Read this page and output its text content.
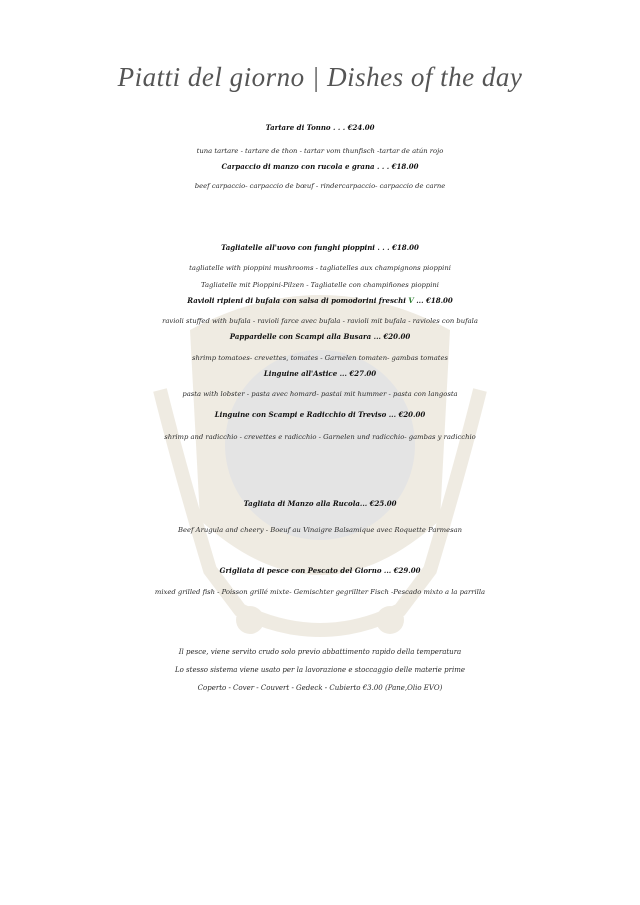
Piatti del giorno | Dishes of the day
Tartare di Tonno . . . €24.00
tuna tartare - tartare de thon - tartar vom thunfisch -tartar de atún rojo
Carpaccio di manzo con rucola e grana . . . €18.00
beef carpaccio- carpaccio de bœuf - rindercarpaccio- carpaccio de carne
Tagliatelle all'uovo con funghi pioppini . . . €18.00
tagliatelle with pioppini mushrooms - tagliatelles aux champignons pioppini
Tagliatelle mit Pioppini-Pilzen - Tagliatelle con champiñones pioppini
Ravioli ripieni di bufala con salsa di pomodorini freschi V ... €18.00
ravioli stuffed with bufala - ravioli farce avec bufala - ravioli mit bufala - ravioles con bufala
Pappardelle con Scampi alla Busara ... €20.00
shrimp tomatoes- crevettes, tomates - Garnelen tomaten- gambas tomates
Linguine all'Astice ... €27.00
pasta with lobster - pasta avec homard- pastai mit hummer - pasta con langosta
Linguine con Scampi e Radicchio di Treviso ... €20.00
shrimp and radicchio - crevettes e radicchio - Garnelen und radicchio- gambas y radicchio
Tagliata di Manzo alla Rucola... €25.00
Beef Arugula and cheery - Boeuf au Vinaigre Balsamique avec Roquette Parmesan
Grigliata di pesce con Pescato del Giorno ... €29.00
mixed grilled fish - Poisson grillé mixte- Gemischter gegrillter Fisch -Pescado mixto a la parrilla
Il pesce, viene servito crudo solo previo abbattimento rapido della temperatura
Lo stesso sistema viene usato per la lavorazione e stoccaggio delle materie prime
Coperto - Cover - Couvert - Gedeck - Cubierto €3.00 (Pane,Olio EVO)
